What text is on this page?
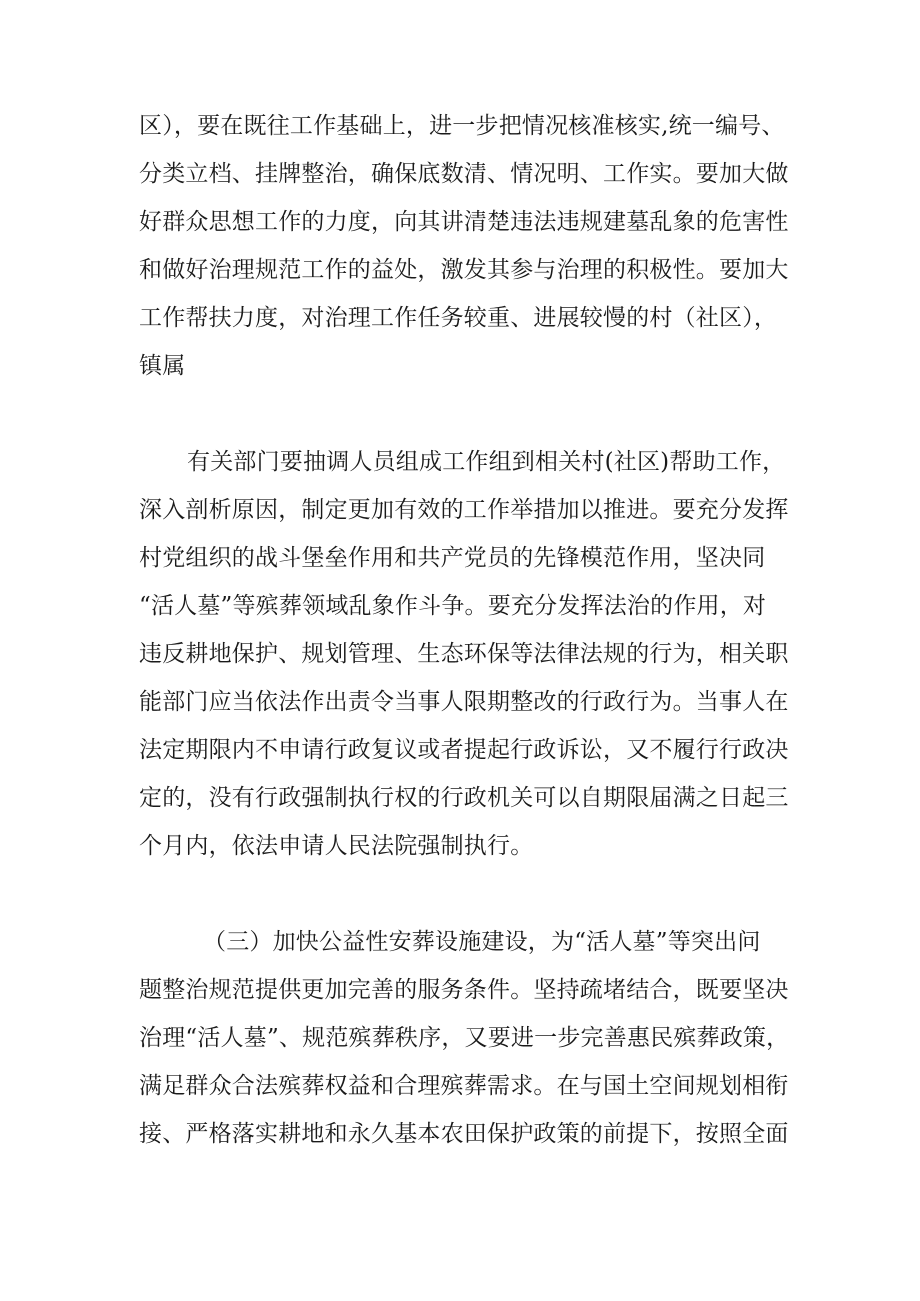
区），要在既往工作基础上，进一步把情况核准核实,统一编号、
分类立档、挂牌整治，确保底数清、情况明、工作实。要加大做
好群众思想工作的力度，向其讲清楚违法违规建墓乱象的危害性
和做好治理规范工作的益处，激发其参与治理的积极性。要加大
工作帮扶力度，对治理工作任务较重、进展较慢的村（社区），
镇属
有关部门要抽调人员组成工作组到相关村(社区)帮助工作，
深入剖析原因，制定更加有效的工作举措加以推进。要充分发挥
村党组织的战斗堡垒作用和共产党员的先锋模范作用，坚决同
“活人墓”等殡葬领域乱象作斗争。要充分发挥法治的作用，对
违反耕地保护、规划管理、生态环保等法律法规的行为，相关职
能部门应当依法作出责令当事人限期整改的行政行为。当事人在
法定期限内不申请行政复议或者提起行政诉讼，又不履行行政决
定的，没有行政强制执行权的行政机关可以自期限届满之日起三
个月内，依法申请人民法院强制执行。
（三）加快公益性安葬设施建设，为“活人墓”等突出问
题整治规范提供更加完善的服务条件。坚持疏堵结合，既要坚决
治理“活人墓”、规范殡葬秩序，又要进一步完善惠民殡葬政策，
满足群众合法殡葬权益和合理殡葬需求。在与国土空间规划相衔
接、严格落实耕地和永久基本农田保护政策的前提下，按照全面
